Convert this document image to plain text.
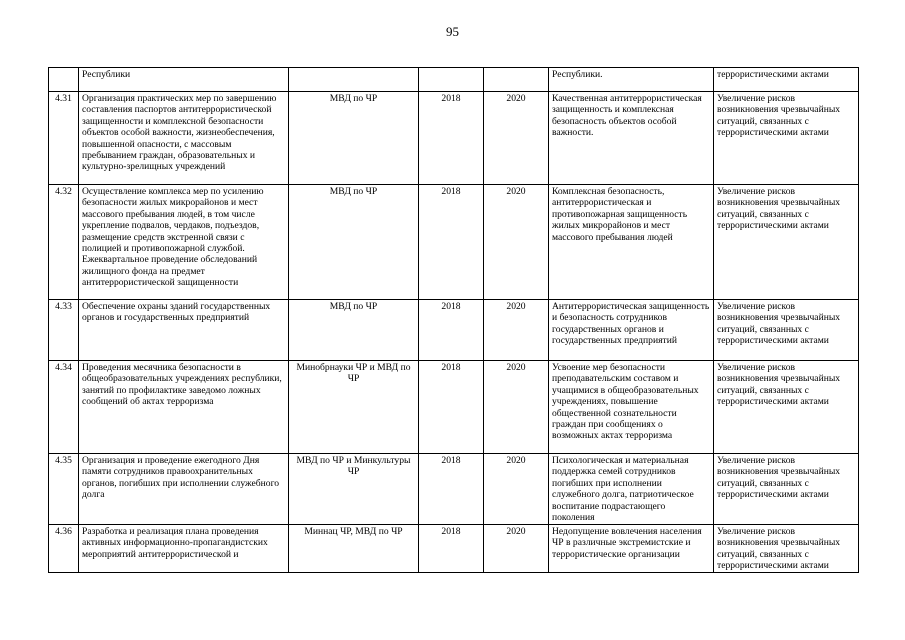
95
	Республики				Республики.	террористическими актами
4.31	Организация практических мер по завершению составления паспортов антитеррористической защищенности и комплексной безопасности объектов особой важности, жизнеобеспечения, повышенной опасности, с массовым пребыванием граждан, образовательных и культурно-зрелищных учреждений	МВД по ЧР	2018	2020	Качественная антитеррористическая защищенность и комплексная безопасность объектов особой важности.	Увеличение рисков возникновения чрезвычайных ситуаций, связанных с террористическими актами
4.32	Осуществление комплекса мер по усилению безопасности жилых микрорайонов и мест массового пребывания людей, в том числе укрепление подвалов, чердаков, подъездов, размещение средств экстренной связи с полицией и противопожарной службой. Ежеквартальное проведение обследований жилищного фонда на предмет антитеррористической защищенности	МВД по ЧР	2018	2020	Комплексная безопасность, антитеррористическая и противопожарная защищенность жилых микрорайонов и мест массового пребывания людей	Увеличение рисков возникновения чрезвычайных ситуаций, связанных с террористическими актами
4.33	Обеспечение охраны зданий государственных органов и государственных предприятий	МВД по ЧР	2018	2020	Антитеррористическая защищенность и безопасность сотрудников государственных органов и государственных предприятий	Увеличение рисков возникновения чрезвычайных ситуаций, связанных с террористическими актами
4.34	Проведения месячника безопасности в общеобразовательных учреждениях республики, занятий по профилактике заведомо ложных сообщений об актах терроризма	Минобрнауки ЧР и МВД по ЧР	2018	2020	Усвоение мер безопасности преподавательским составом и учащимися в общеобразовательных учреждениях, повышение общественной сознательности граждан при сообщениях о возможных актах терроризма	Увеличение рисков возникновения чрезвычайных ситуаций, связанных с террористическими актами
4.35	Организация и проведение ежегодного Дня памяти сотрудников правоохранительных органов, погибших при исполнении служебного долга	МВД по ЧР и Минкультуры ЧР	2018	2020	Психологическая и материальная поддержка семей сотрудников погибших при исполнении служебного долга, патриотическое воспитание подрастающего поколения	Увеличение рисков возникновения чрезвычайных ситуаций, связанных с террористическими актами
4.36	Разработка и реализация плана проведения активных информационно-пропагандистских мероприятий антитеррористической и	Миннац ЧР, МВД по ЧР	2018	2020	Недопущение вовлечения населения ЧР в различные экстремистские и террористические организации	Увеличение рисков возникновения чрезвычайных ситуаций, связанных с террористическими актами
